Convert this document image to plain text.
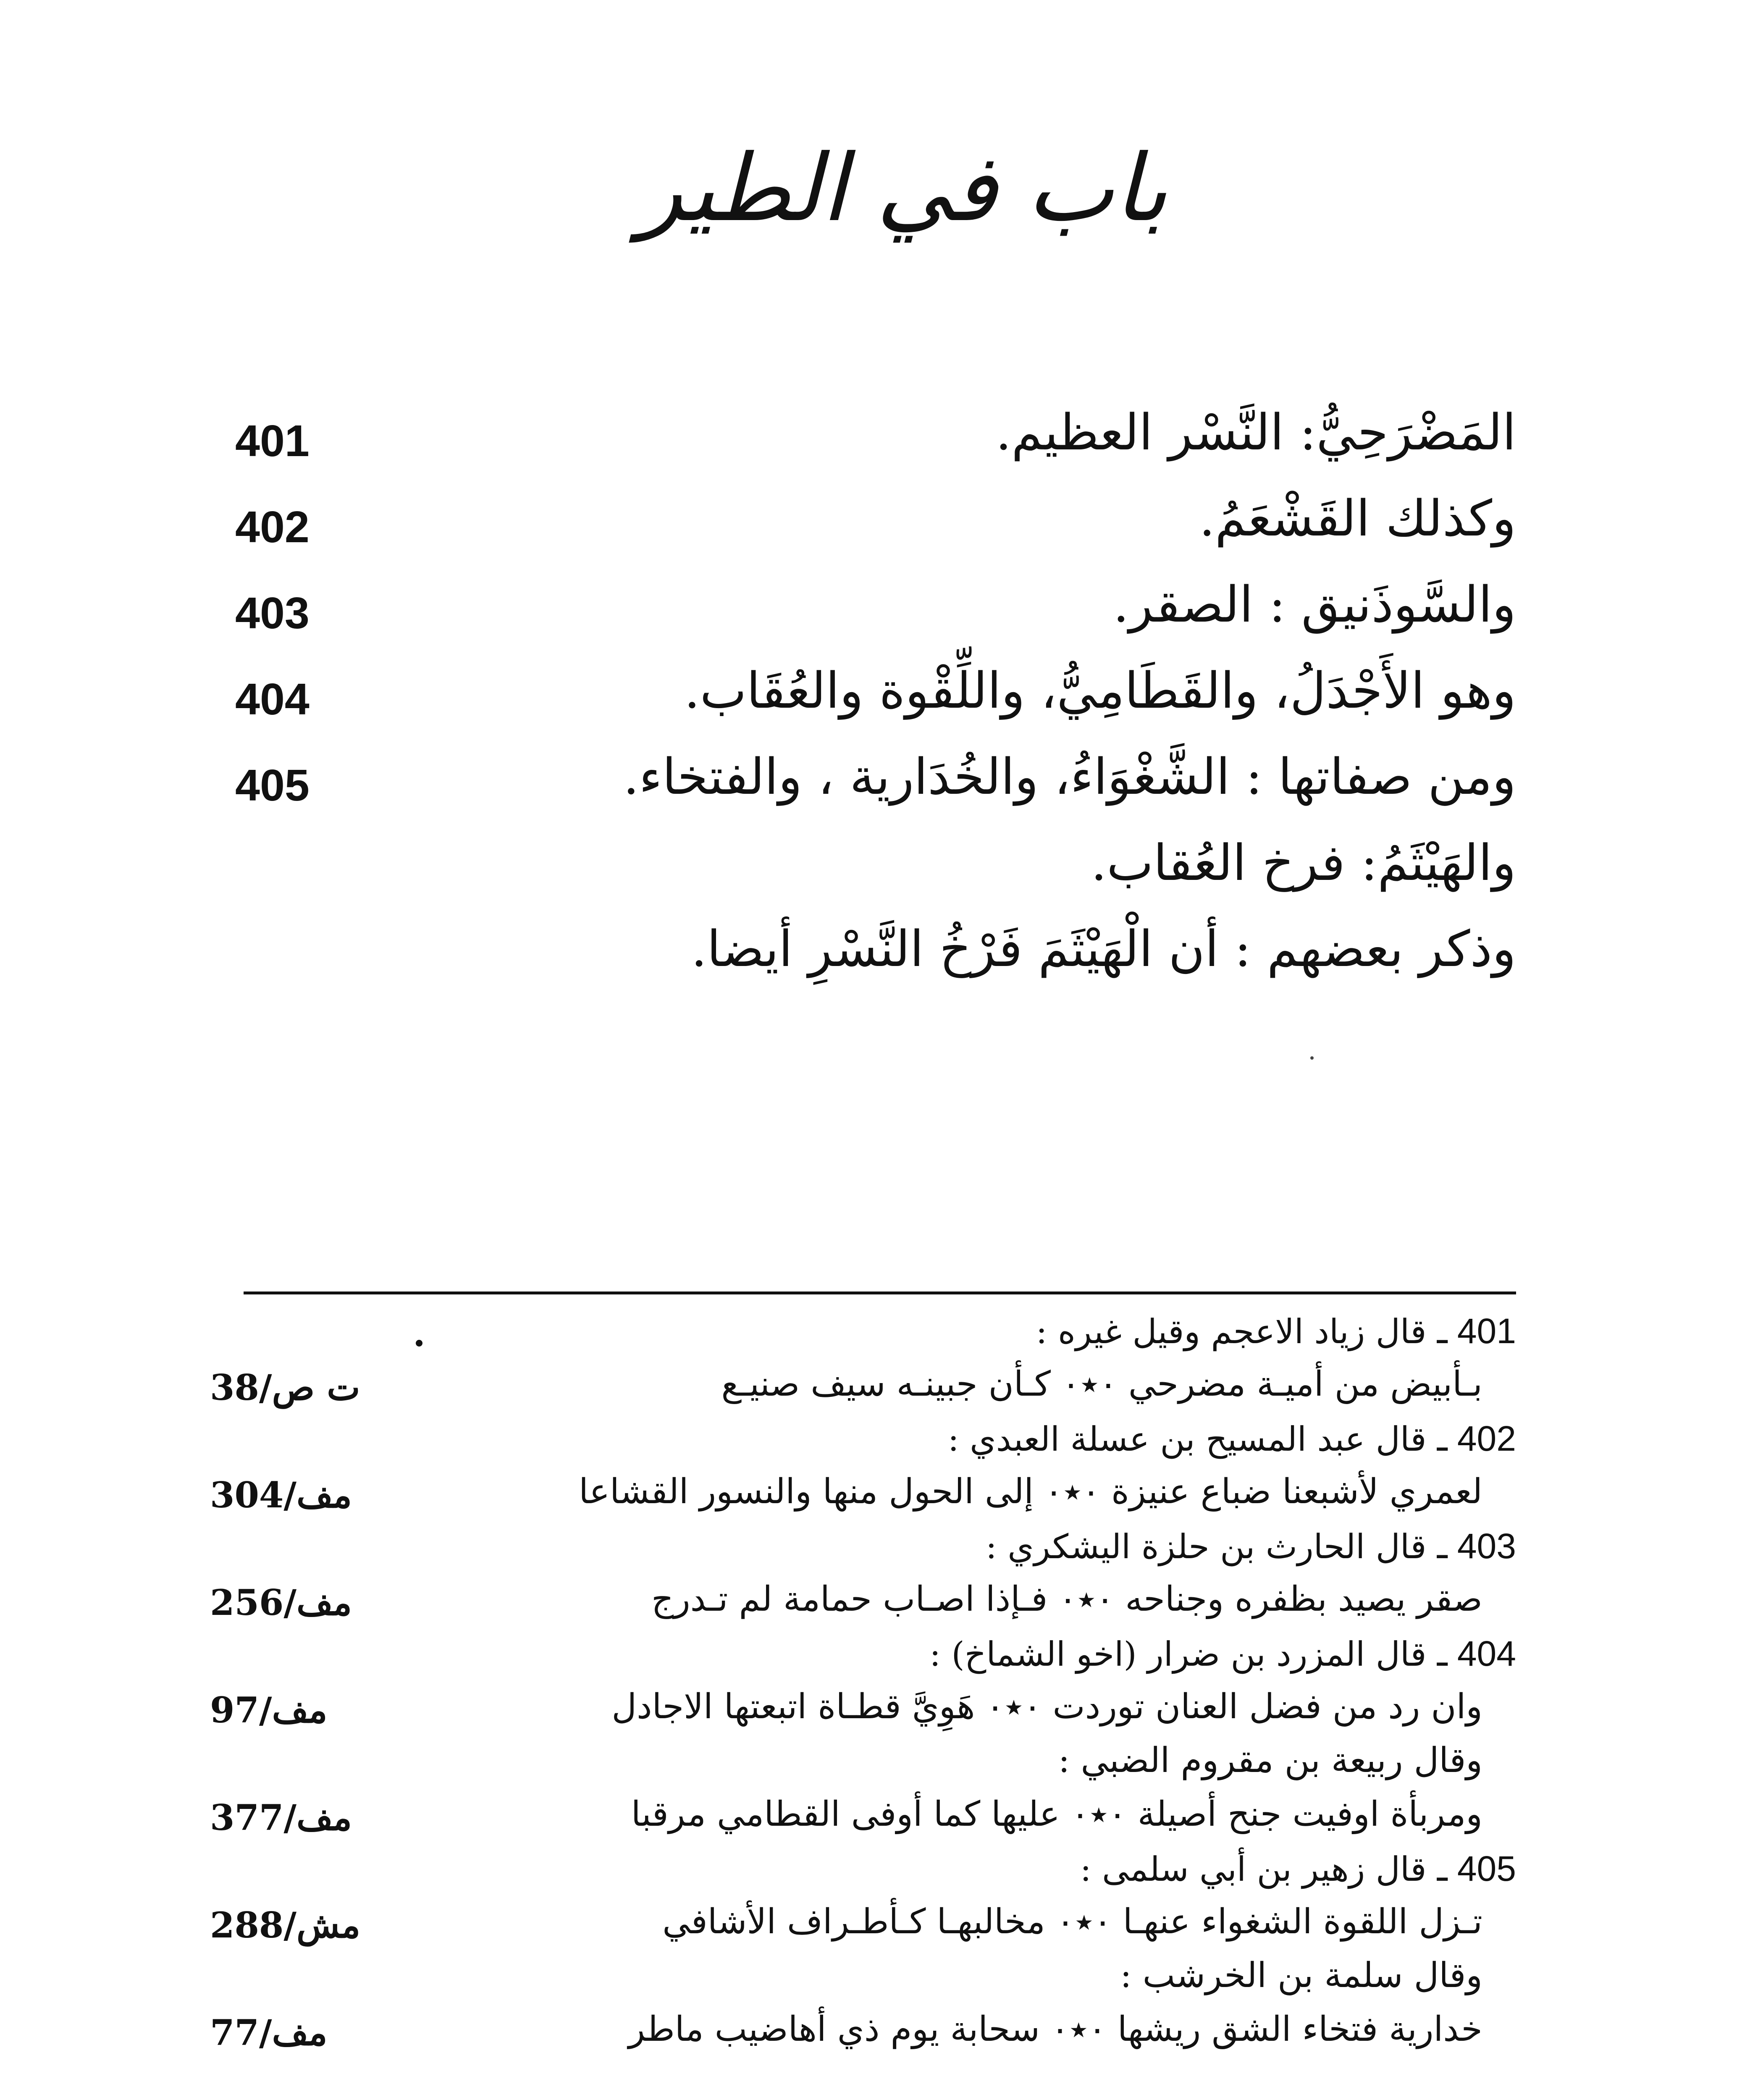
باب في الطير
401	المَضْرَحِيُّ: النَّسْر العظيم.
402	وكذلك القَشْعَمُ.
403	والسَّوذَنيق : الصقر.
404	وهو الأَجْدَلُ، والقَطَامِيُّ، واللِّقْوة والعُقَاب.
405	ومن صفاتها : الشَّغْوَاءُ، والخُدَارية ، والفتخاء.
والهَيْثَمُ: فرخ العُقاب.
وذكر بعضهم : أن الْهَيْثَمَ فَرْخُ النَّسْرِ أيضا.
401 ـ قال زياد الاعجم وقيل غيره :
ت ص/38	بـأبيض من أميـة مضرحي ۰٭۰ كـأن جبينـه سيف صنيـع
402 ـ قال عبد المسيح بن عسلة العبدي :
مف/304	لعمري لأشبعنا ضباع عنيزة ۰٭۰ إلى الحول منها والنسور القشاعا
403 ـ قال الحارث بن حلزة اليشكري :
مف/256	صقر يصيد بظفره وجناحه ۰٭۰ فـإذا اصـاب حمامة لم تـدرج
404 ـ قال المزرد بن ضرار (اخو الشماخ) :
مف/97	وان رد من فضل العنان توردت ۰٭۰ هَوِيَّ قطـاة اتبعتها الاجادل
وقال ربيعة بن مقروم الضبي :
مف/377	ومربأة اوفيت جنح أصيلة ۰٭۰ عليها كما أوفى القطامي مرقبا
405 ـ قال زهير بن أبي سلمى :
مش/288	تـزل اللقوة الشغواء عنهـا ۰٭۰ مخالبهـا كـأطـراف الأشافي
وقال سلمة بن الخرشب :
مف/77	خدارية فتخاء الشق ريشها ۰٭۰ سحابة يوم ذي أهاضيب ماطر
